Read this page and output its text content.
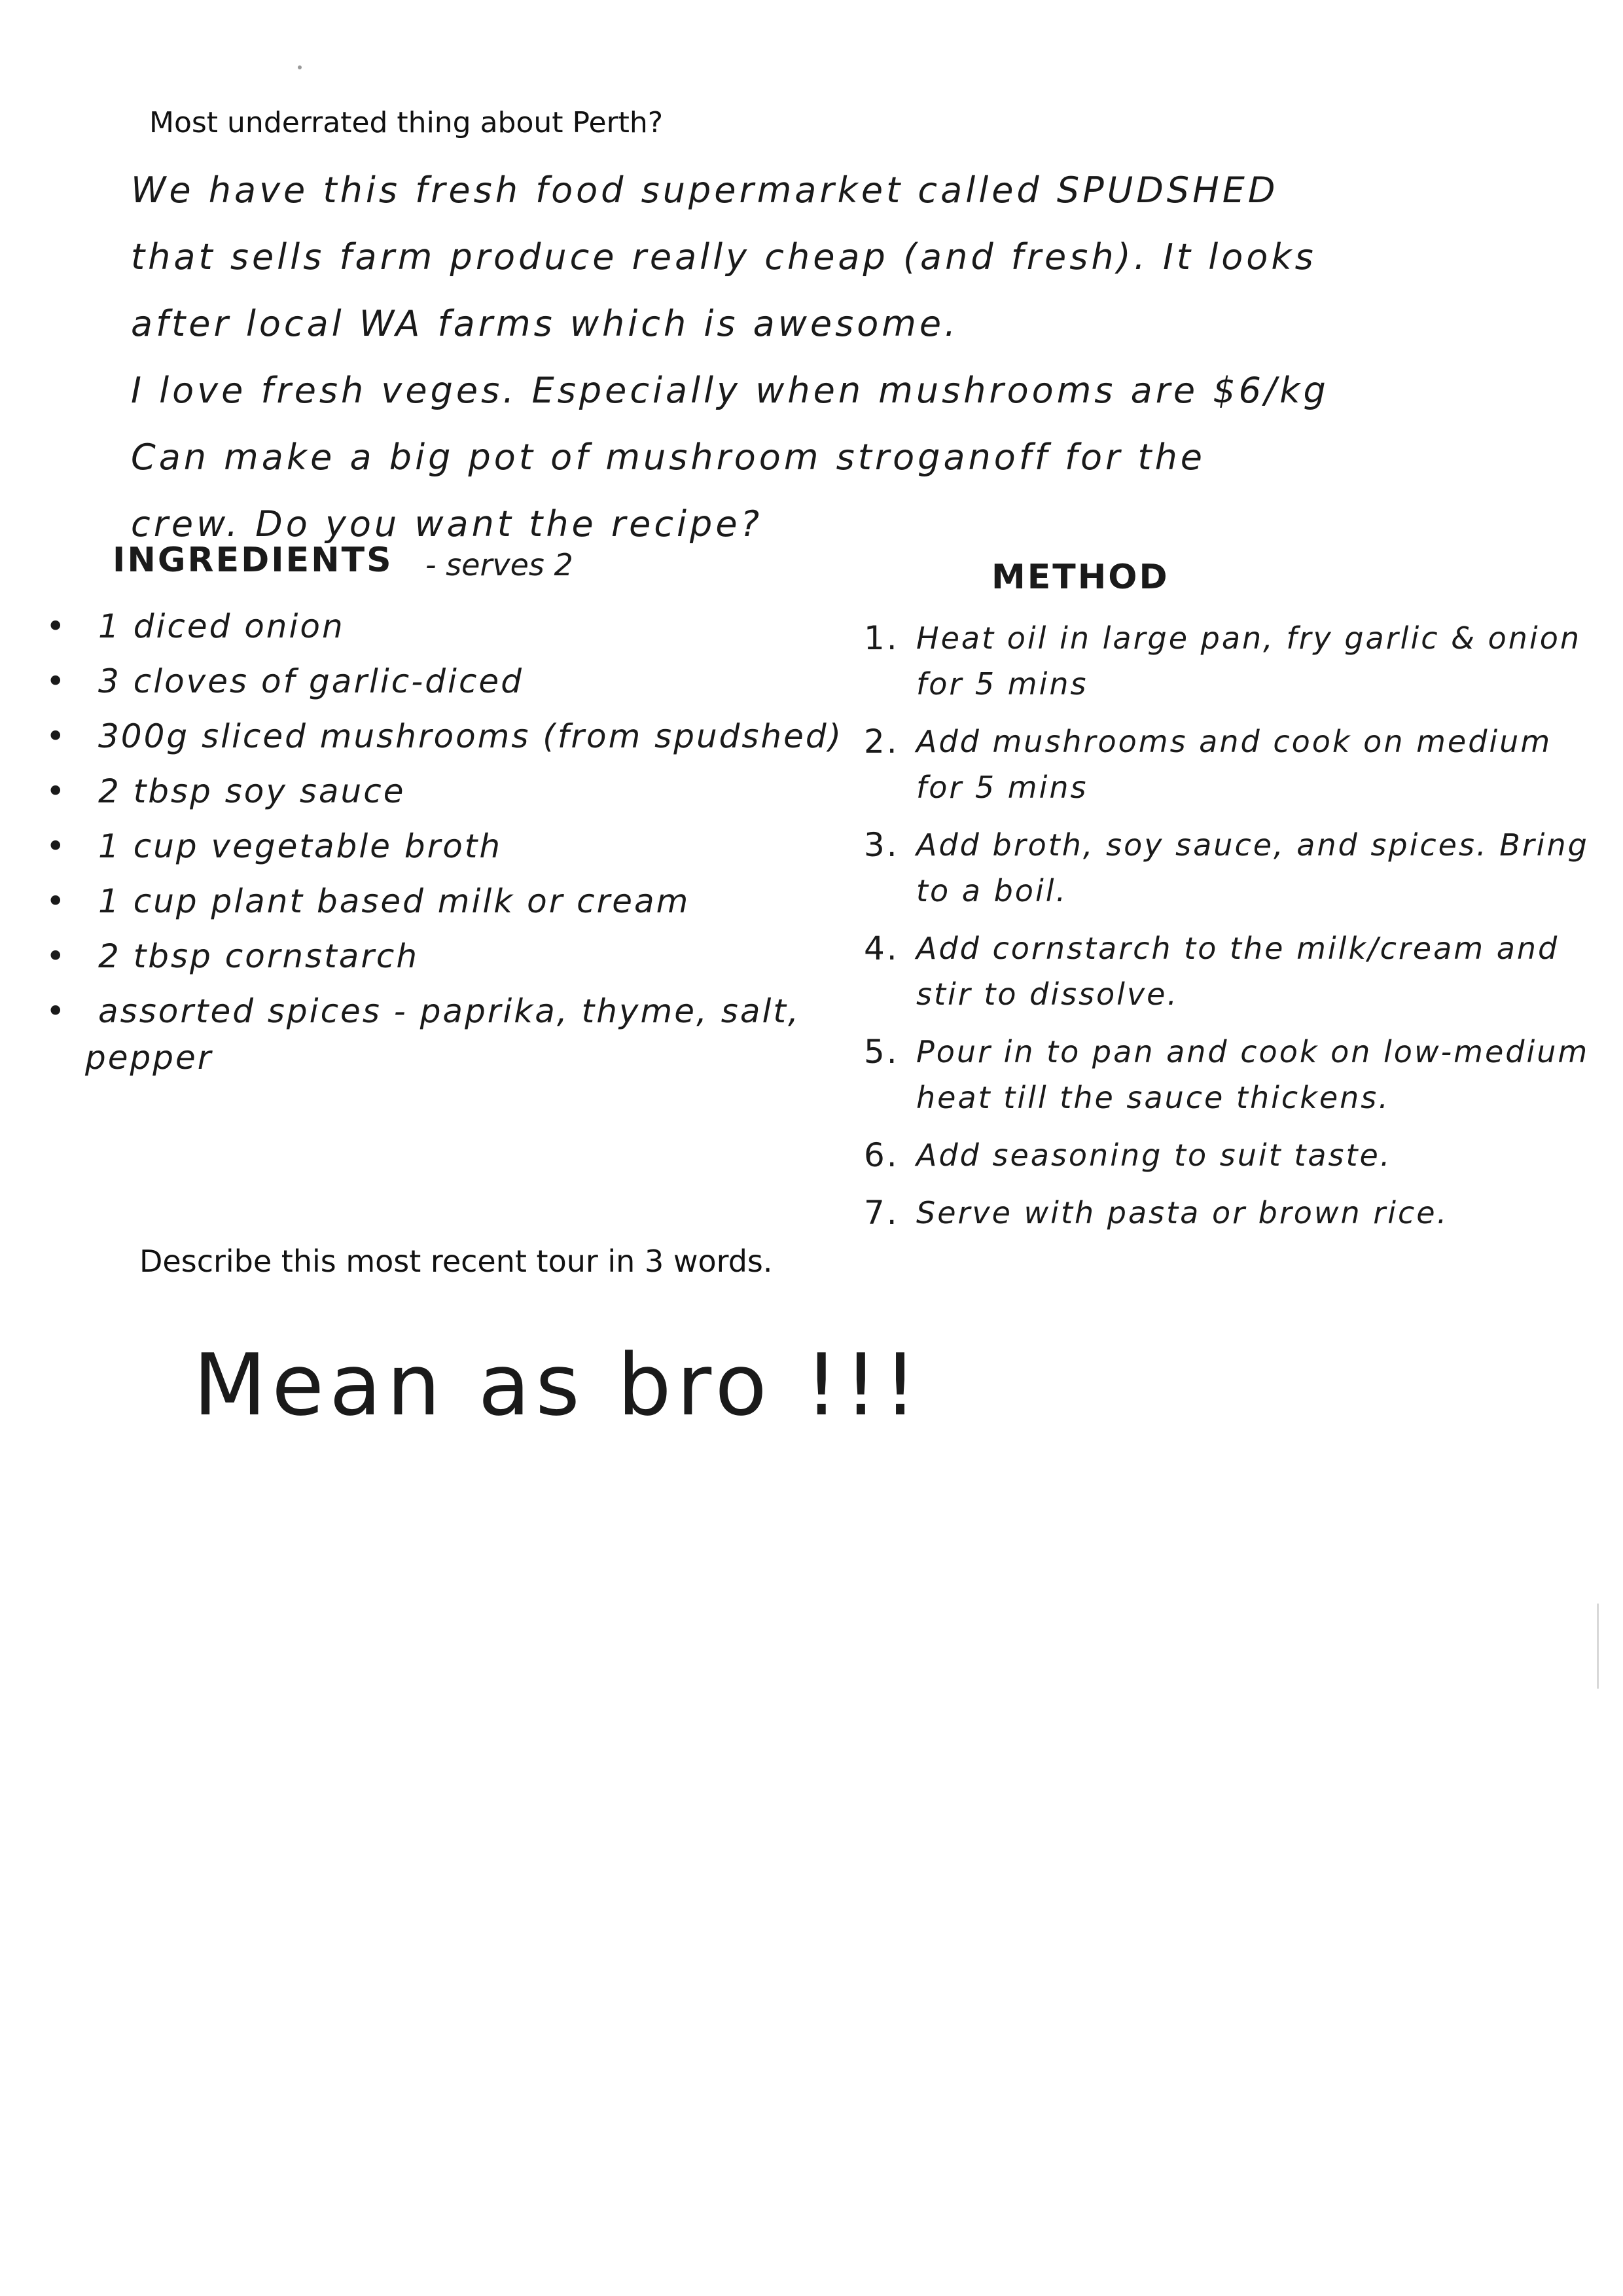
Most underrated thing about Perth?
We have this fresh food supermarket called SPUDSHED
that sells farm produce really cheap (and fresh). It looks
after local WA farms which is awesome.
I love fresh veges. Especially when mushrooms are $6/kg
Can make a big pot of mushroom stroganoff for the
crew. Do you want the recipe?
INGREDIENTS - serves 2
• 1 diced onion
• 3 cloves of garlic-diced
• 300g sliced mushrooms (from spudshed)
• 2 tbsp soy sauce
• 1 cup vegetable broth
• 1 cup plant based milk or cream
• 2 tbsp cornstarch
• assorted spices - paprika, thyme, salt,
pepper
METHOD
1. Heat oil in large pan, fry garlic & onion for 5 mins
2. Add mushrooms and cook on medium for 5 mins
3. Add broth, soy sauce, and spices. Bring to a boil.
4. Add cornstarch to the milk/cream and stir to dissolve.
5. Pour in to pan and cook on low-medium heat till the sauce thickens.
6. Add seasoning to suit taste.
7. Serve with pasta or brown rice.
Describe this most recent tour in 3 words.
Mean as bro !!!
